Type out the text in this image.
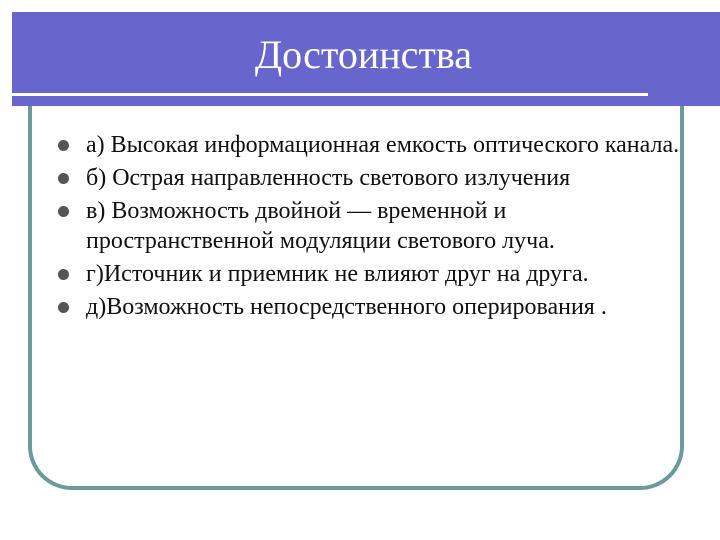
Достоинства
а) Высокая информационная емкость оптического канала.
б) Острая направленность светового излучения
в) Возможность двойной — временной и пространственной модуляции светового луча.
г)Источник и приемник не влияют друг на друга.
д)Возможность непосредственного оперирования .
